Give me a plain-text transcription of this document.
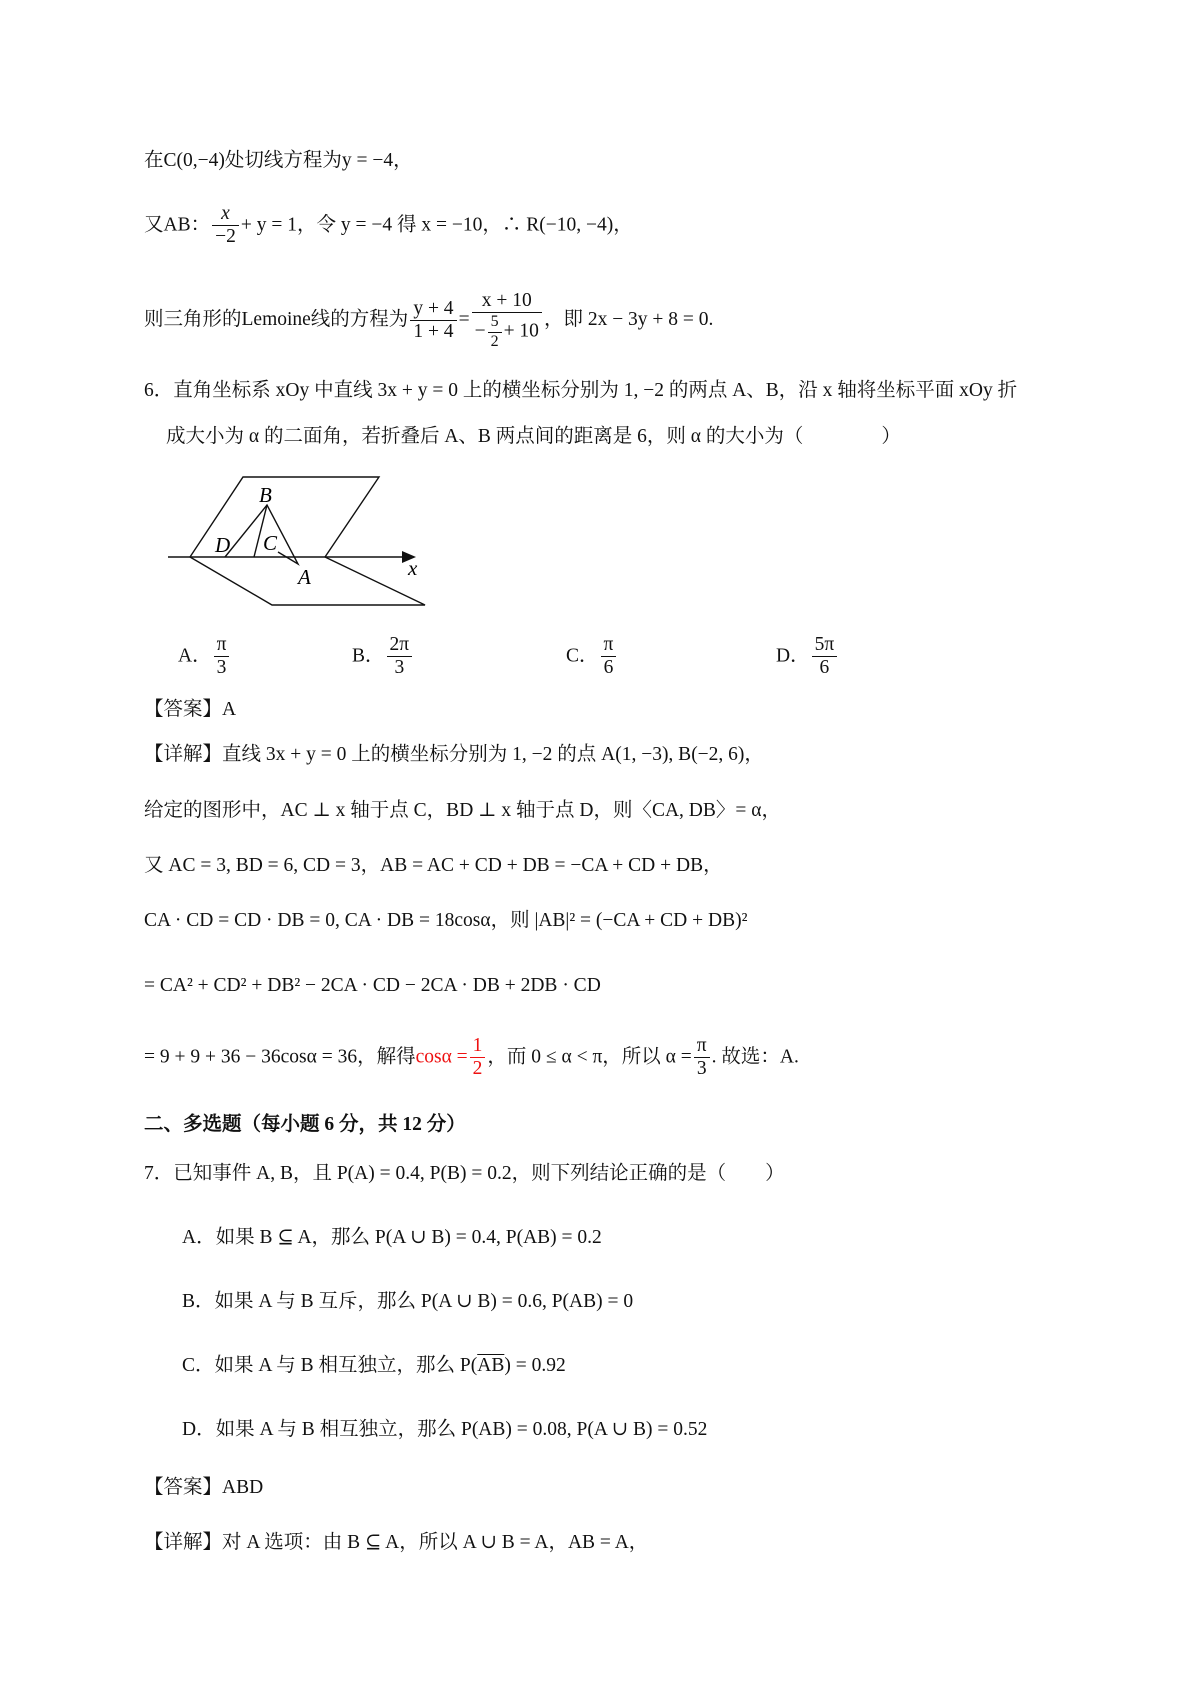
在C(0,−4)处切线方程为y = −4，
又AB： $\frac{x}{-2} + y = 1$，令 y = −4 得 x = −10，∴ R(−10, −4)，
则三角形的Lemoine线的方程为 $\frac{y + 4}{1 + 4} = \frac{x + 10}{- \frac{5}{2} + 10}$ ，即 2x − 3y + 8 = 0.
6．直角坐标系 xOy 中直线 3x + y = 0 上的横坐标分别为 1, −2 的两点 A、B，沿 x 轴将坐标平面 xOy 折
成大小为 α 的二面角，若折叠后 A、B 两点间的距离是 6，则 α 的大小为（　　　　）
B
C
D
A	x
A． $\frac{\pi}{3}$	B． $\frac{2\pi}{3}$	C． $\frac{\pi}{6}$	D． $\frac{5\pi}{6}$
【答案】A
【详解】直线 3x + y = 0 上的横坐标分别为 1, −2 的点 A(1, −3), B(−2, 6)，
给定的图形中，AC ⊥ x 轴于点 C，BD ⊥ x 轴于点 D，则〈CA, DB〉= α，
又 AC = 3, BD = 6, CD = 3，AB = AC + CD + DB = −CA + CD + DB，
CA · CD = CD · DB = 0, CA · DB = 18cosα，则 |AB|² = (−CA + CD + DB)²
= CA² + CD² + DB² − 2CA · CD − 2CA · DB + 2DB · CD
= 9 + 9 + 36 − 36cosα = 36，解得$\cos\alpha = \frac{1}{2}$ ，而 0 ≤ α < π，所以 $\alpha = \frac{\pi}{3}$ . 故选：A.
二、多选题（每小题 6 分，共 12 分）
7．已知事件 A, B，且 P(A) = 0.4, P(B) = 0.2，则下列结论正确的是（　　）
A．如果 B ⊆ A，那么 P(A ∪ B) = 0.4, P(AB) = 0.2
B．如果 A 与 B 互斥，那么 P(A ∪ B) = 0.6, P(AB) = 0
C．如果 A 与 B 相互独立，那么 $P(\overline{AB}) = 0.92$
D．如果 A 与 B 相互独立，那么 P(AB) = 0.08, P(A ∪ B) = 0.52
【答案】ABD
【详解】对 A 选项：由 B ⊆ A，所以 A ∪ B = A，AB = A，
